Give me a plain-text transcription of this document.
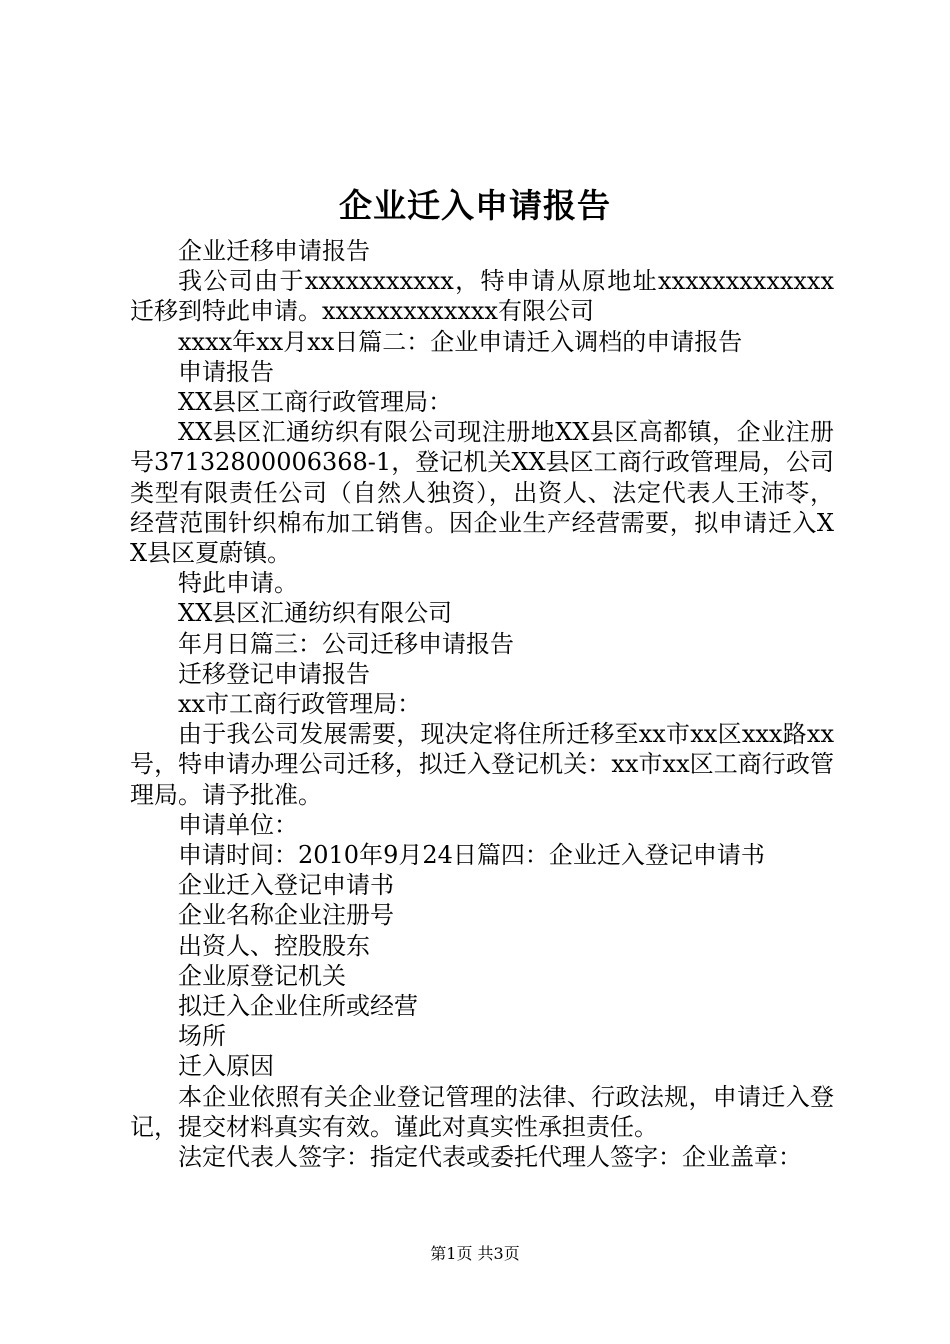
企业迁入申请报告

企业迁移申请报告

我公司由于xxxxxxxxxxx，特申请从原地址xxxxxxxxxxxxx迁移到特此申请。xxxxxxxxxxxxx有限公司

xxxx年xx月xx日篇二：企业申请迁入调档的申请报告

申请报告

XX县区工商行政管理局：

XX县区汇通纺织有限公司现注册地XX县区高都镇，企业注册号37132800006368-1，登记机关XX县区工商行政管理局，公司类型有限责任公司（自然人独资），出资人、法定代表人王沛苓，经营范围针织棉布加工销售。因企业生产经营需要，拟申请迁入XX县区夏蔚镇。

特此申请。

XX县区汇通纺织有限公司

年月日篇三：公司迁移申请报告

迁移登记申请报告

xx市工商行政管理局：

由于我公司发展需要，现决定将住所迁移至xx市xx区xxx路xx号，特申请办理公司迁移，拟迁入登记机关：xx市xx区工商行政管理局。请予批准。

申请单位：

申请时间：2010年9月24日篇四：企业迁入登记申请书

企业迁入登记申请书

企业名称企业注册号

出资人、控股股东

企业原登记机关

拟迁入企业住所或经营

场所

迁入原因

本企业依照有关企业登记管理的法律、行政法规，申请迁入登记，提交材料真实有效。谨此对真实性承担责任。

法定代表人签字：指定代表或委托代理人签字：企业盖章：

第1页 共3页
